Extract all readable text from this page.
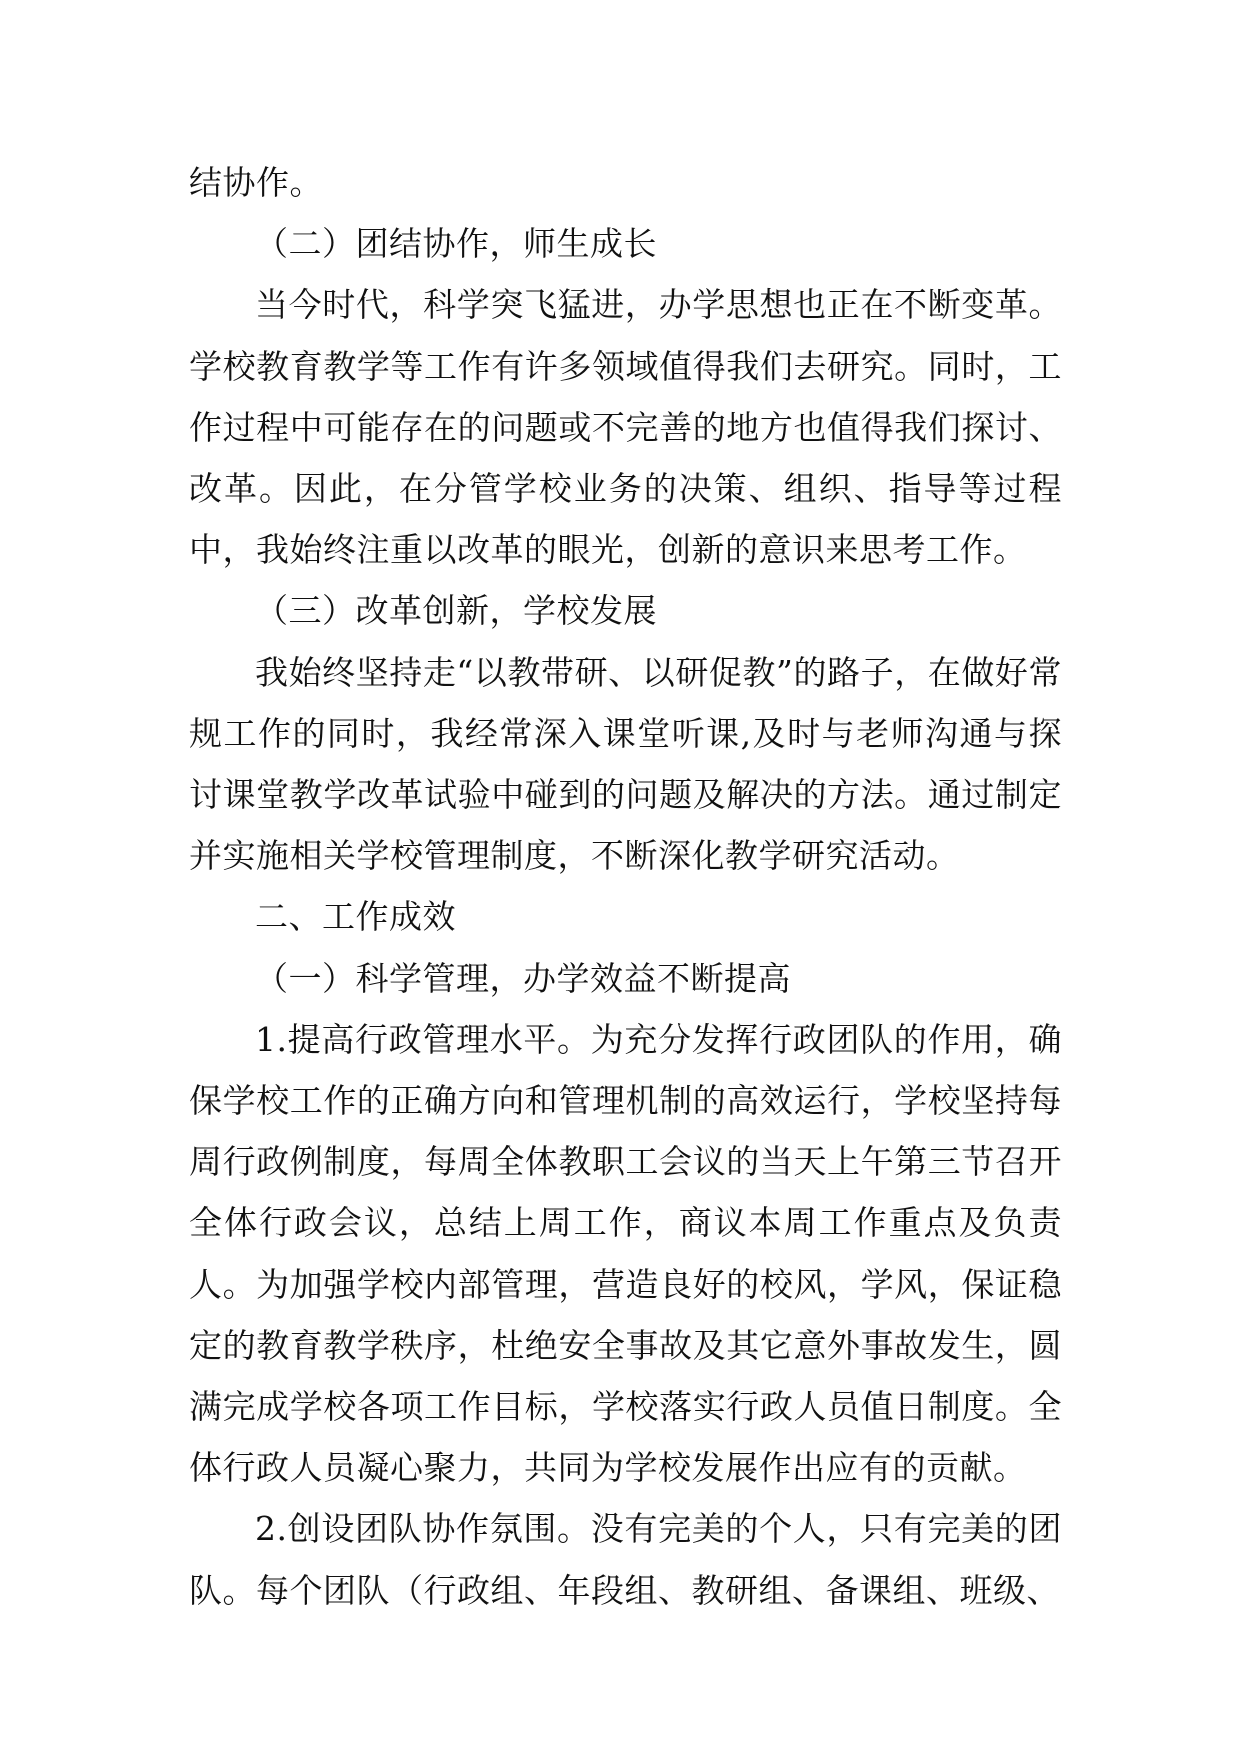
结协作。

（二）团结协作，师生成长

当今时代，科学突飞猛进，办学思想也正在不断变革。学校教育教学等工作有许多领域值得我们去研究。同时，工作过程中可能存在的问题或不完善的地方也值得我们探讨、改革。因此，在分管学校业务的决策、组织、指导等过程中，我始终注重以改革的眼光，创新的意识来思考工作。

（三）改革创新，学校发展

我始终坚持走“以教带研、以研促教”的路子，在做好常规工作的同时，我经常深入课堂听课,及时与老师沟通与探讨课堂教学改革试验中碰到的问题及解决的方法。通过制定并实施相关学校管理制度，不断深化教学研究活动。

二、工作成效

（一）科学管理，办学效益不断提高

1.提高行政管理水平。为充分发挥行政团队的作用，确保学校工作的正确方向和管理机制的高效运行，学校坚持每周行政例制度，每周全体教职工会议的当天上午第三节召开全体行政会议，总结上周工作，商议本周工作重点及负责人。为加强学校内部管理，营造良好的校风，学风，保证稳定的教育教学秩序，杜绝安全事故及其它意外事故发生，圆满完成学校各项工作目标，学校落实行政人员值日制度。全体行政人员凝心聚力，共同为学校发展作出应有的贡献。

2.创设团队协作氛围。没有完美的个人，只有完美的团队。每个团队（行政组、年段组、教研组、备课组、班级、
